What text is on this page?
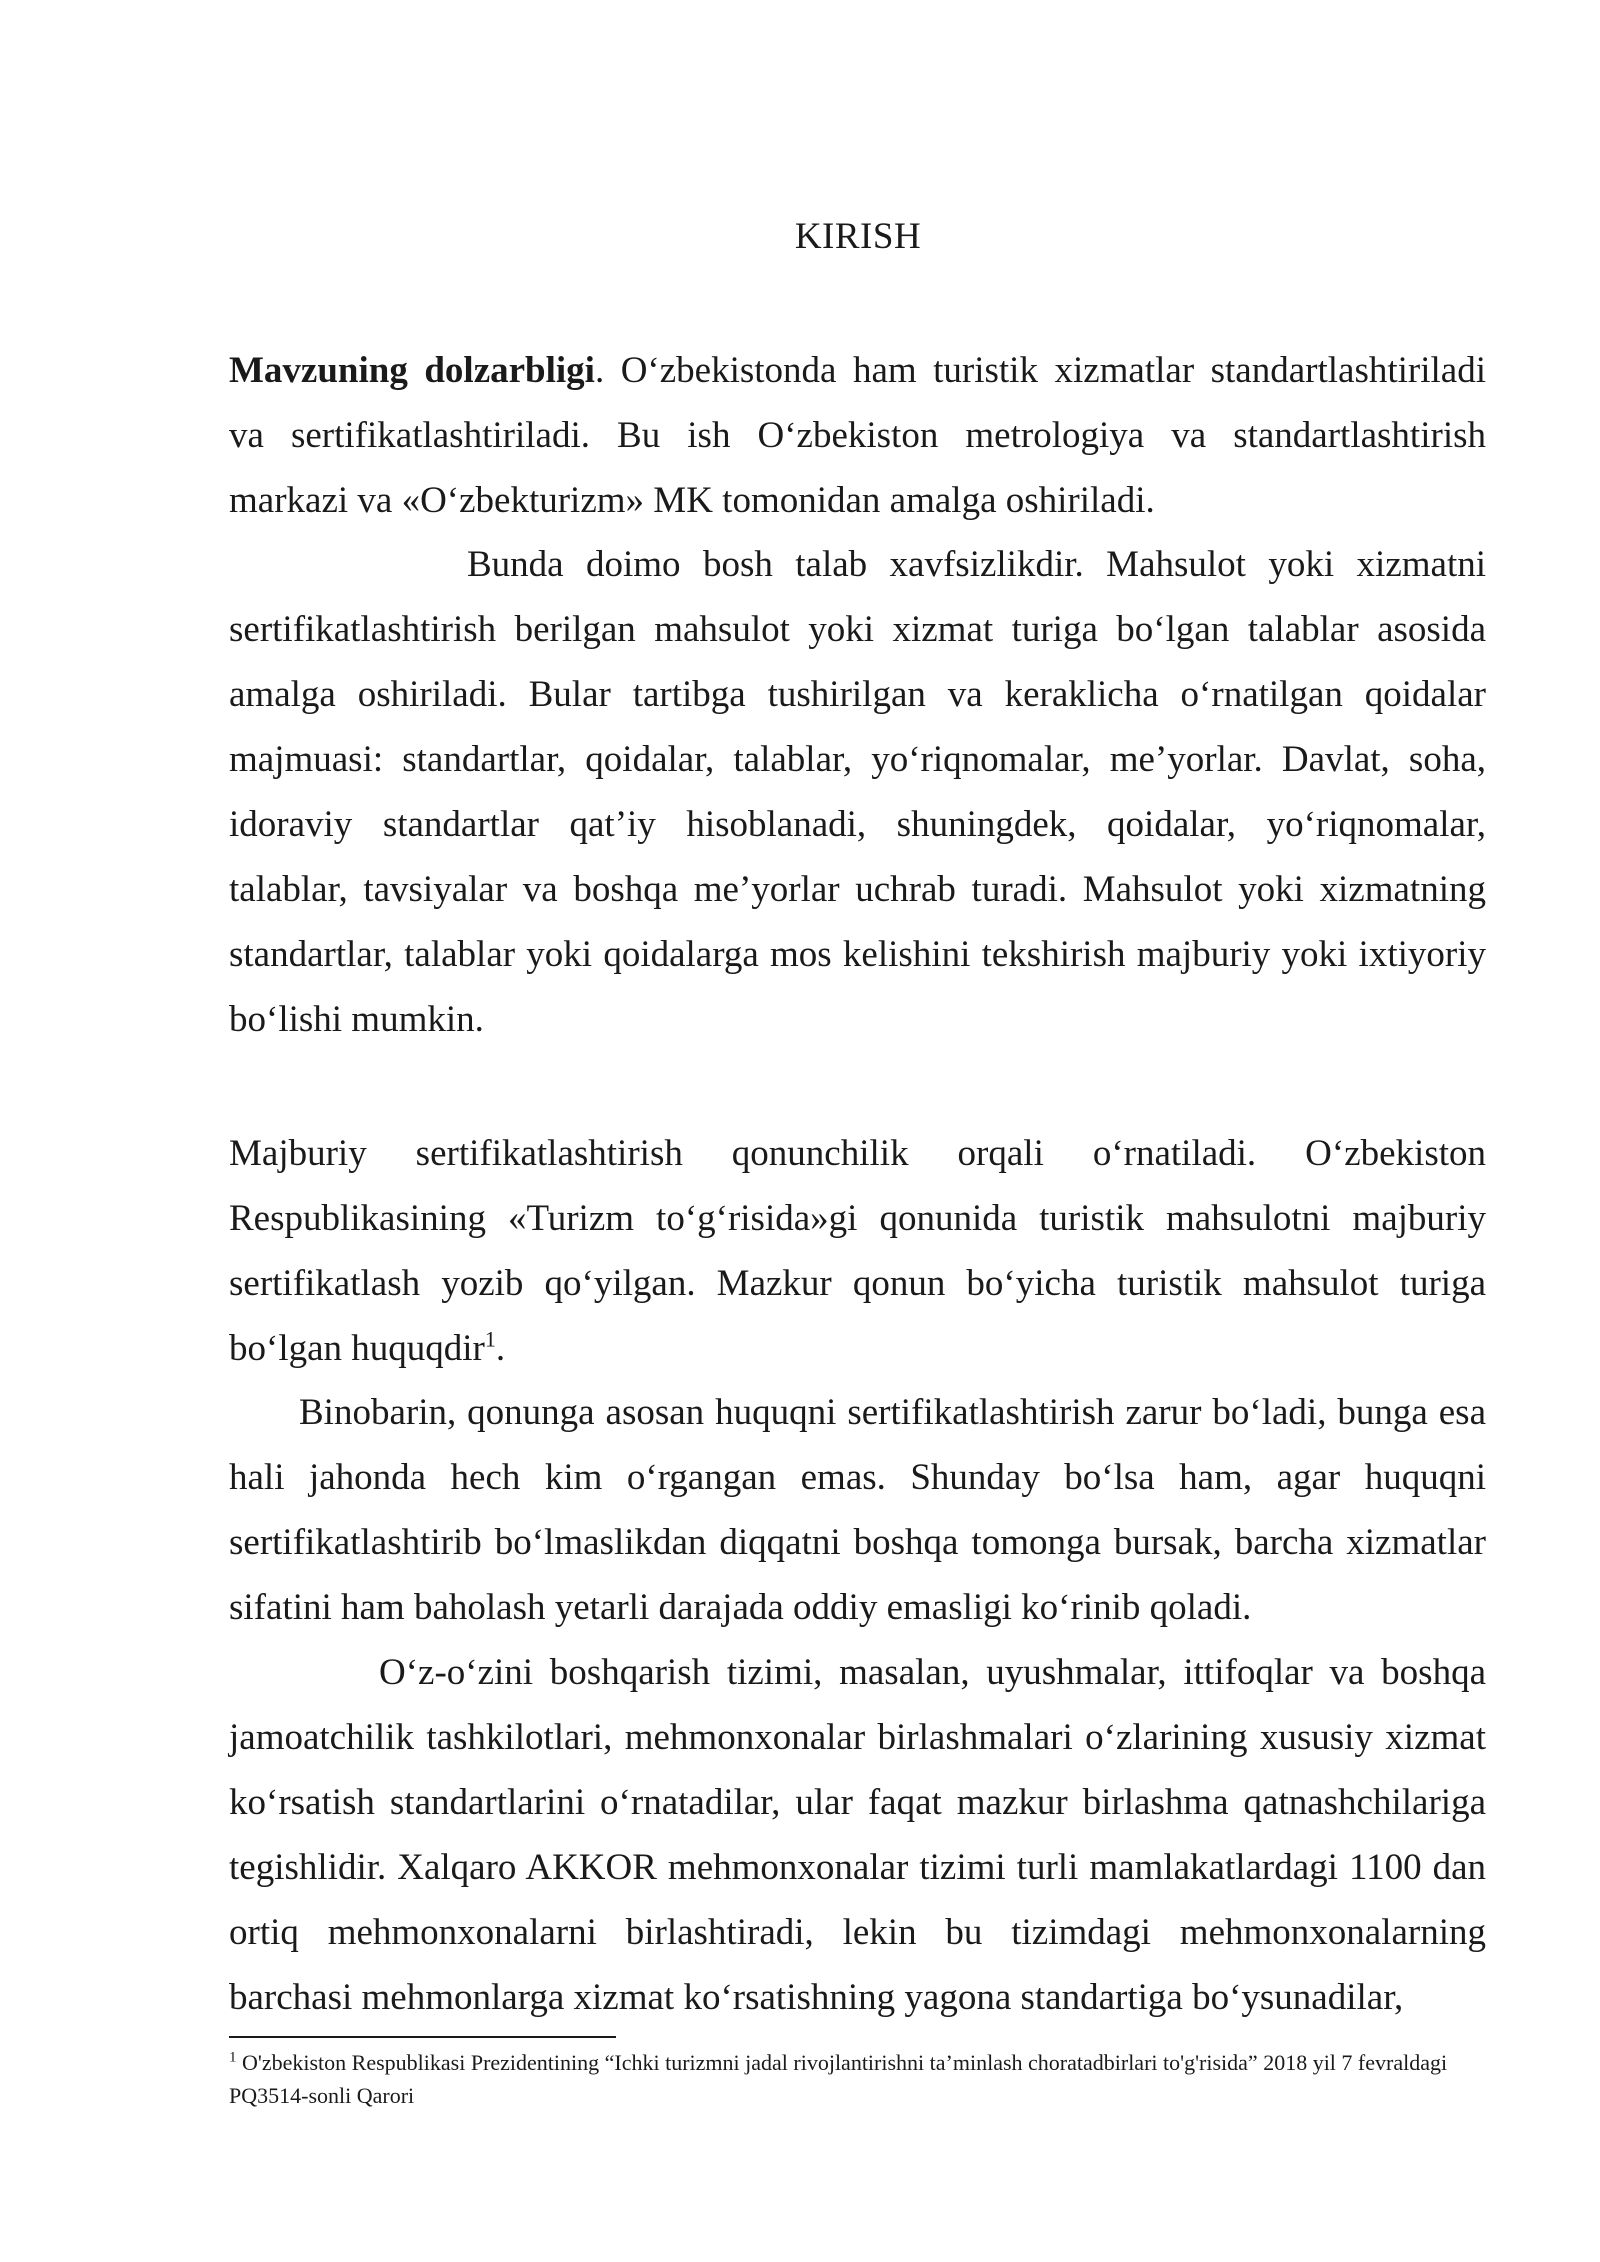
KIRISH

Mavzuning dolzarbligi. O‘zbekistonda ham turistik xizmatlar standartlashtiriladi va sertifikatlashtiriladi. Bu ish O‘zbekiston metrologiya va standartlashtirish markazi va «O‘zbekturizm» MK tomonidan amalga oshiriladi.

Bunda doimo bosh talab xavfsizlikdir. Mahsulot yoki xizmatni sertifikatlashtirish berilgan mahsulot yoki xizmat turiga bo‘lgan talablar asosida amalga oshiriladi. Bular tartibga tushirilgan va keraklicha o‘rnatilgan qoidalar majmuasi: standartlar, qoidalar, talablar, yo‘riqnomalar, me’yorlar. Davlat, soha, idoraviy standartlar qat’iy hisoblanadi, shuningdek, qoidalar, yo‘riqnomalar, talablar, tavsiyalar va boshqa me’yorlar uchrab turadi. Mahsulot yoki xizmatning standartlar, talablar yoki qoidalarga mos kelishini tekshirish majburiy yoki ixtiyoriy bo‘lishi mumkin.

Majburiy sertifikatlashtirish qonunchilik orqali o‘rnatiladi. O‘zbekiston Respublikasining «Turizm to‘g‘risida»gi qonunida turistik mahsulotni majburiy sertifikatlash yozib qo‘yilgan. Mazkur qonun bo‘yicha turistik mahsulot turiga bo‘lgan huquqdir$^1$.

Binobarin, qonunga asosan huquqni sertifikatlashtirish zarur bo‘ladi, bunga esa hali jahonda hech kim o‘rgangan emas. Shunday bo‘lsa ham, agar huquqni sertifikatlashtirib bo‘lmaslikdan diqqatni boshqa tomonga bursak, barcha xizmatlar sifatini ham baholash yetarli darajada oddiy emasligi ko‘rinib qoladi.

O‘z-o‘zini boshqarish tizimi, masalan, uyushmalar, ittifoqlar va boshqa jamoatchilik tashkilotlari, mehmonxonalar birlashmalari o‘zlarining xususiy xizmat ko‘rsatish standartlarini o‘rnatadilar, ular faqat mazkur birlashma qatnashchilariga tegishlidir. Xalqaro AKKOR mehmonxonalar tizimi turli mamlakatlardagi 1100 dan ortiq mehmonxonalarni birlashtiradi, lekin bu tizimdagi mehmonxonalarning barchasi mehmonlarga xizmat ko‘rsatishning yagona standartiga bo‘ysunadilar,

$^1$ O'zbekiston Respublikasi Prezidentining “Ichki turizmni jadal rivojlantirishni ta’minlash choratadbirlari to'g'risida” 2018 yil 7 fevraldagi PQ3514-sonli Qarori
